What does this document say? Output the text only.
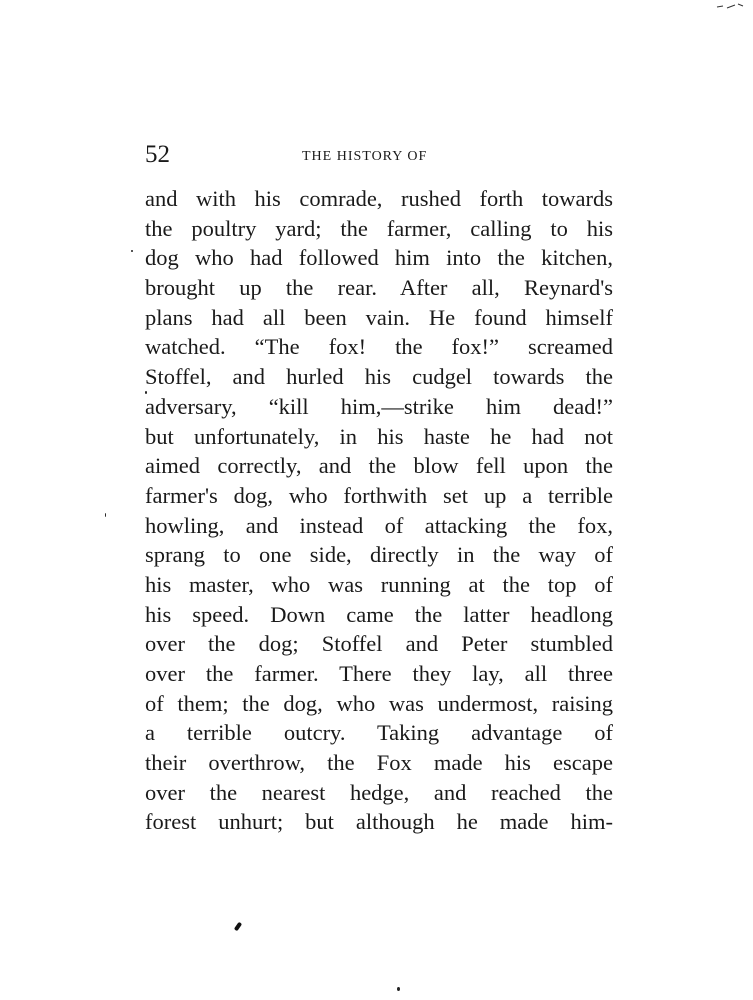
52	THE HISTORY OF
and with his comrade, rushed forth towards
the poultry yard; the farmer, calling to his
dog who had followed him into the kitchen,
brought up the rear. After all, Reynard's
plans had all been vain. He found himself
watched. “The fox! the fox!” screamed
Stoffel, and hurled his cudgel towards the
adversary, “kill him,—strike him dead!”
but unfortunately, in his haste he had not
aimed correctly, and the blow fell upon the
farmer's dog, who forthwith set up a terrible
howling, and instead of attacking the fox,
sprang to one side, directly in the way of
his master, who was running at the top of
his speed. Down came the latter headlong
over the dog; Stoffel and Peter stumbled
over the farmer. There they lay, all three
of them; the dog, who was undermost, raising
a terrible outcry. Taking advantage of
their overthrow, the Fox made his escape
over the nearest hedge, and reached the
forest unhurt; but although he made him-
